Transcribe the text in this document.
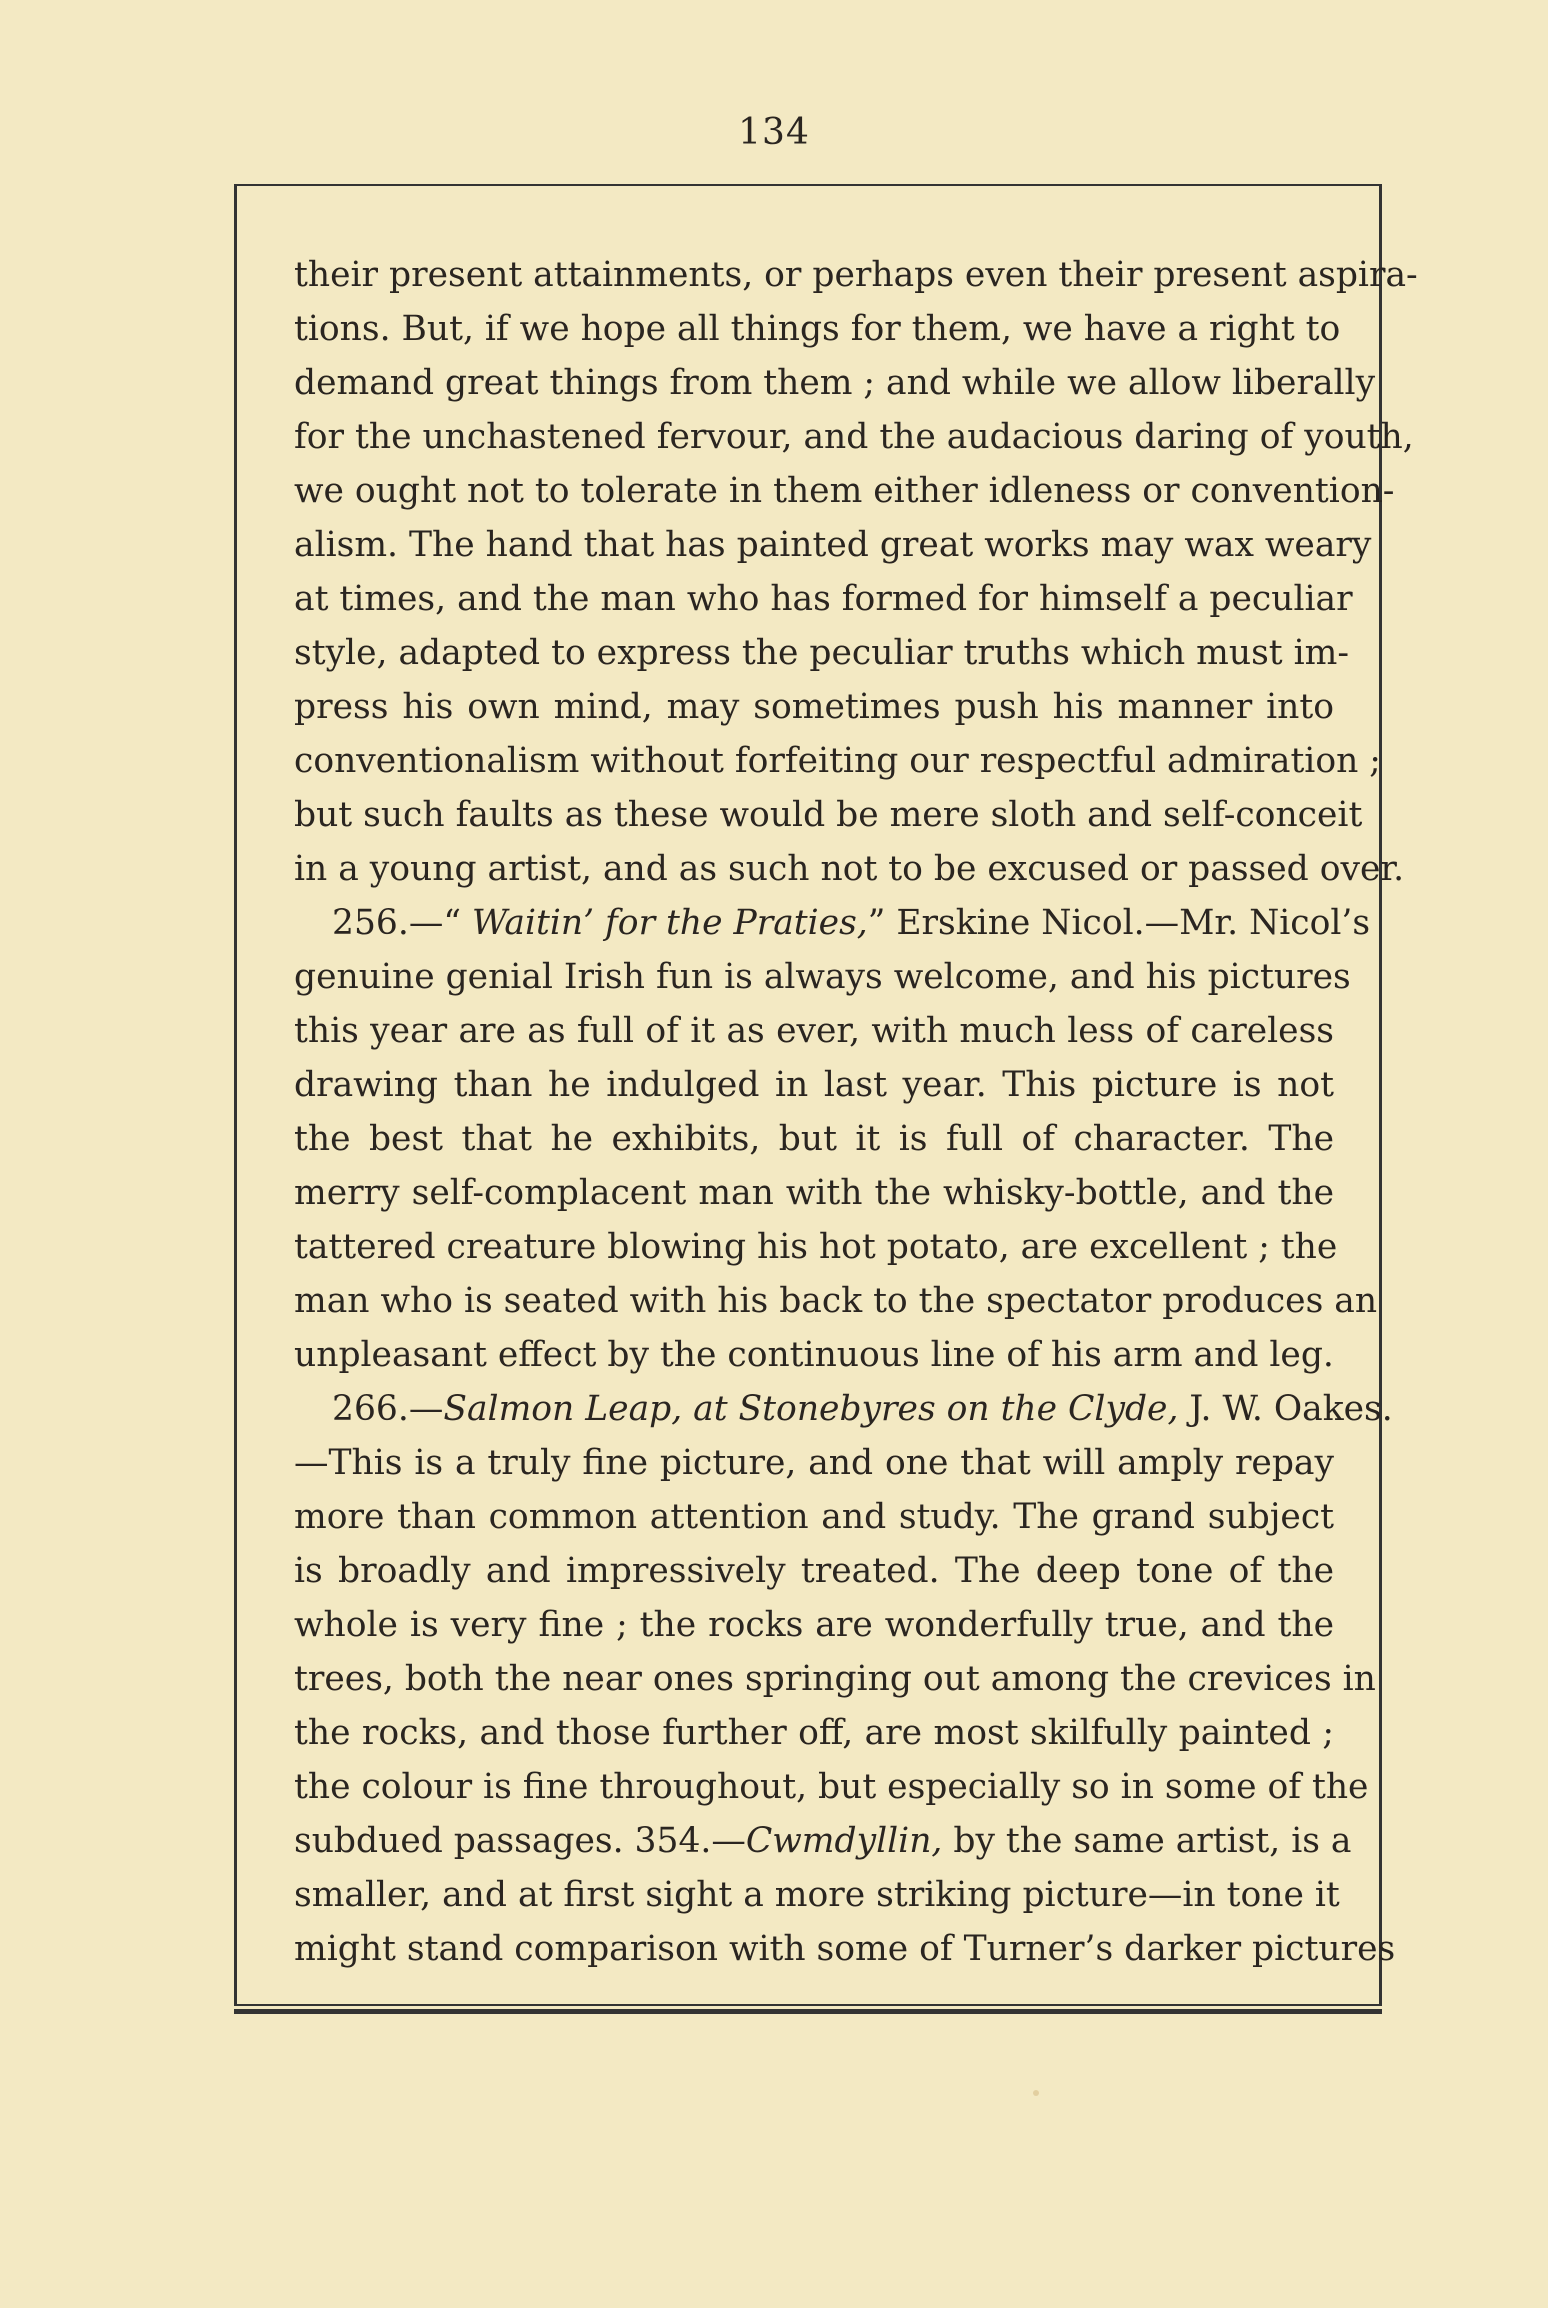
134
their present attainments, or perhaps even their present aspira-
tions. But, if we hope all things for them, we have a right to
demand great things from them ; and while we allow liberally
for the unchastened fervour, and the audacious daring of youth,
we ought not to tolerate in them either idleness or convention-
alism. The hand that has painted great works may wax weary
at times, and the man who has formed for himself a peculiar
style, adapted to express the peculiar truths which must im-
press his own mind, may sometimes push his manner into
conventionalism without forfeiting our respectful admiration ;
but such faults as these would be mere sloth and self-conceit
in a young artist, and as such not to be excused or passed over.
256.—“ Waitin’ for the Praties,” Erskine Nicol.—Mr. Nicol’s
genuine genial Irish fun is always welcome, and his pictures
this year are as full of it as ever, with much less of careless
drawing than he indulged in last year. This picture is not
the best that he exhibits, but it is full of character. The
merry self-complacent man with the whisky-bottle, and the
tattered creature blowing his hot potato, are excellent ; the
man who is seated with his back to the spectator produces an
unpleasant effect by the continuous line of his arm and leg.
266.—Salmon Leap, at Stonebyres on the Clyde, J. W. Oakes.
—This is a truly fine picture, and one that will amply repay
more than common attention and study. The grand subject
is broadly and impressively treated. The deep tone of the
whole is very fine ; the rocks are wonderfully true, and the
trees, both the near ones springing out among the crevices in
the rocks, and those further off, are most skilfully painted ;
the colour is fine throughout, but especially so in some of the
subdued passages. 354.—Cwmdyllin, by the same artist, is a
smaller, and at first sight a more striking picture—in tone it
might stand comparison with some of Turner’s darker pictures
